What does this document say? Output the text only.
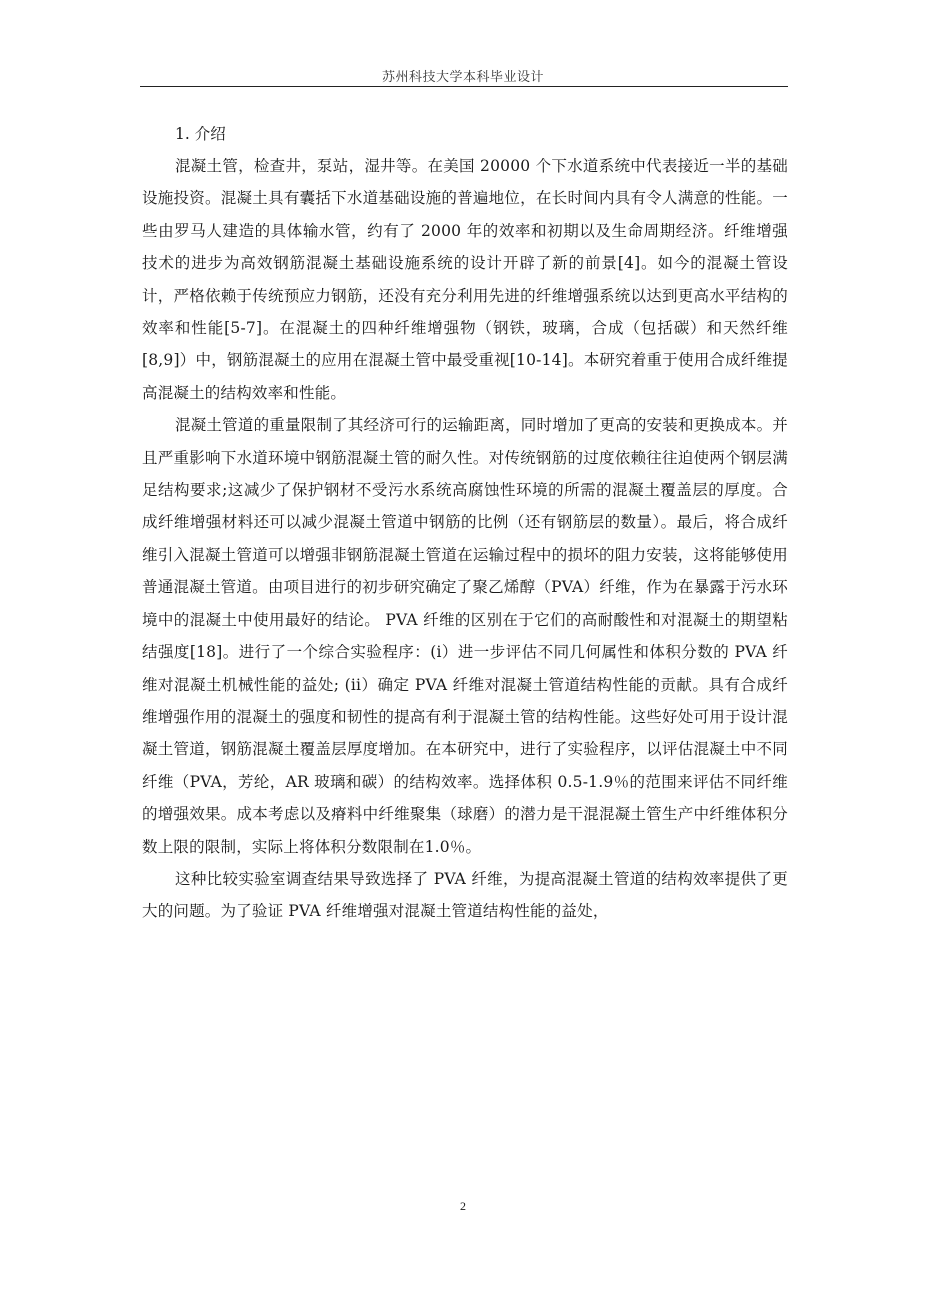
苏州科技大学本科毕业设计

1. 介绍

混凝土管，检查井，泵站，湿井等。在美国 20000 个下水道系统中代表接近一半的基础设施投资。混凝土具有囊括下水道基础设施的普遍地位，在长时间内具有令人满意的性能。一些由罗马人建造的具体输水管，约有了 2000 年的效率和初期以及生命周期经济。纤维增强技术的进步为高效钢筋混凝土基础设施系统的设计开辟了新的前景[4]。如今的混凝土管设计，严格依赖于传统预应力钢筋，还没有充分利用先进的纤维增强系统以达到更高水平结构的效率和性能[5-7]。在混凝土的四种纤维增强物（钢铁，玻璃，合成（包括碳）和天然纤维[8,9]）中，钢筋混凝土的应用在混凝土管中最受重视[10-14]。本研究着重于使用合成纤维提高混凝土的结构效率和性能。

混凝土管道的重量限制了其经济可行的运输距离，同时增加了更高的安装和更换成本。并且严重影响下水道环境中钢筋混凝土管的耐久性。对传统钢筋的过度依赖往往迫使两个钢层满足结构要求;这减少了保护钢材不受污水系统高腐蚀性环境的所需的混凝土覆盖层的厚度。合成纤维增强材料还可以减少混凝土管道中钢筋的比例（还有钢筋层的数量）。最后，将合成纤维引入混凝土管道可以增强非钢筋混凝土管道在运输过程中的损坏的阻力安装，这将能够使用普通混凝土管道。由项目进行的初步研究确定了聚乙烯醇（PVA）纤维，作为在暴露于污水环境中的混凝土中使用最好的结论。 PVA 纤维的区别在于它们的高耐酸性和对混凝土的期望粘结强度[18]。进行了一个综合实验程序：(i）进一步评估不同几何属性和体积分数的 PVA 纤维对混凝土机械性能的益处; (ii）确定 PVA 纤维对混凝土管道结构性能的贡献。具有合成纤维增强作用的混凝土的强度和韧性的提高有利于混凝土管的结构性能。这些好处可用于设计混凝土管道，钢筋混凝土覆盖层厚度增加。在本研究中，进行了实验程序，以评估混凝土中不同纤维（PVA，芳纶，AR 玻璃和碳）的结构效率。选择体积 0.5-1.9％的范围来评估不同纤维的增强效果。成本考虑以及瘠料中纤维聚集（球磨）的潜力是干混混凝土管生产中纤维体积分数上限的限制，实际上将体积分数限制在1.0％。

这种比较实验室调查结果导致选择了 PVA 纤维，为提高混凝土管道的结构效率提供了更大的问题。为了验证 PVA 纤维增强对混凝土管道结构性能的益处，

2
